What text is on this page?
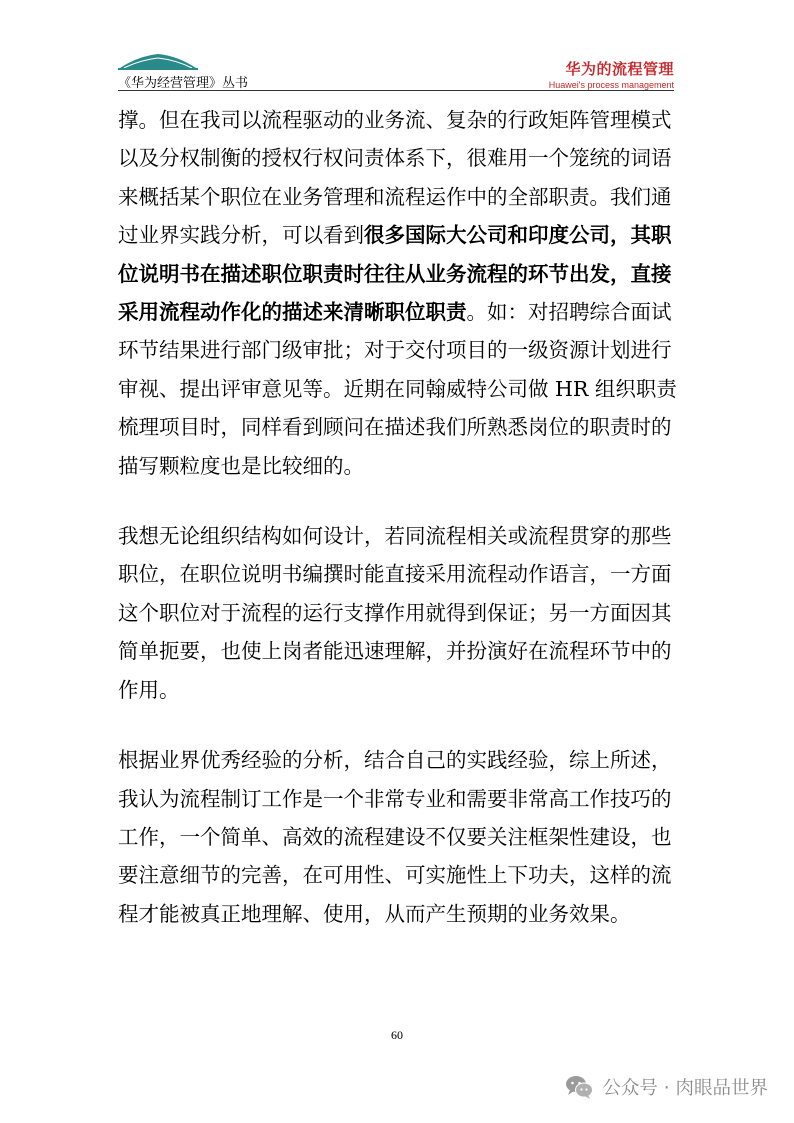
《华为经营管理》丛书
华为的流程管理
Huawei's process management

撑。但在我司以流程驱动的业务流、复杂的行政矩阵管理模式以及分权制衡的授权行权问责体系下，很难用一个笼统的词语来概括某个职位在业务管理和流程运作中的全部职责。我们通过业界实践分析，可以看到很多国际大公司和印度公司，其职位说明书在描述职位职责时往往从业务流程的环节出发，直接采用流程动作化的描述来清晰职位职责。如：对招聘综合面试环节结果进行部门级审批；对于交付项目的一级资源计划进行审视、提出评审意见等。近期在同翰威特公司做 HR 组织职责梳理项目时，同样看到顾问在描述我们所熟悉岗位的职责时的描写颗粒度也是比较细的。

我想无论组织结构如何设计，若同流程相关或流程贯穿的那些职位，在职位说明书编撰时能直接采用流程动作语言，一方面这个职位对于流程的运行支撑作用就得到保证；另一方面因其简单扼要，也使上岗者能迅速理解，并扮演好在流程环节中的作用。

根据业界优秀经验的分析，结合自己的实践经验，综上所述，我认为流程制订工作是一个非常专业和需要非常高工作技巧的工作，一个简单、高效的流程建设不仅要关注框架性建设，也要注意细节的完善，在可用性、可实施性上下功夫，这样的流程才能被真正地理解、使用，从而产生预期的业务效果。

60
公众号 · 肉眼品世界
